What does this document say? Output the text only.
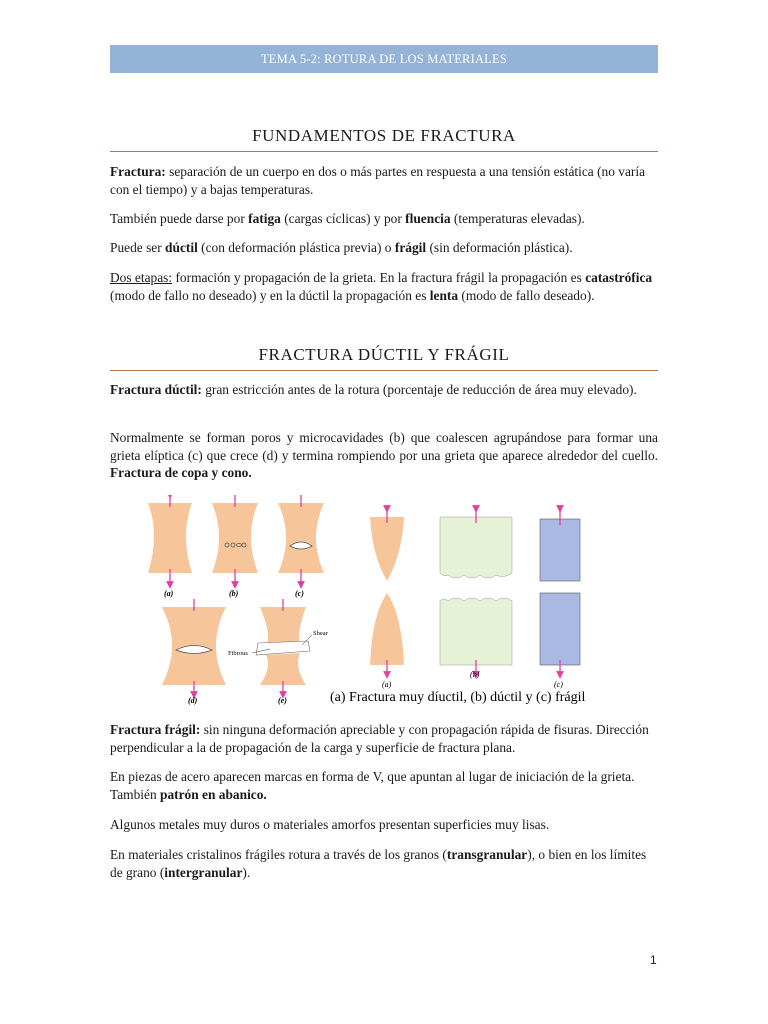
TEMA 5-2: ROTURA DE LOS MATERIALES
FUNDAMENTOS DE FRACTURA

Fractura: separación de un cuerpo en dos o más partes en respuesta a una tensión estática (no varía con el tiempo) y a bajas temperaturas.

También puede darse por fatiga (cargas cíclicas) y por fluencia (temperaturas elevadas).

Puede ser dúctil (con deformación plástica previa) o frágil (sin deformación plástica).

Dos etapas: formación y propagación de la grieta. En la fractura frágil la propagación es catastrófica (modo de fallo no deseado) y en la dúctil la propagación es lenta (modo de fallo deseado).

FRACTURA DÚCTIL Y FRÁGIL

Fractura dúctil: gran estricción antes de la rotura (porcentaje de reducción de área muy elevado).

Normalmente se forman poros y microcavidades (b) que coalescen agrupándose para formar una grieta elíptica (c) que crece (d) y termina rompiendo por una grieta que aparece alrededor del cuello. Fractura de copa y cono.

(a)	(b)	(c)
Fibrous
Shear
(d)	(e)
(a)
(b)
(c)
(a) Fractura muy díuctil, (b) dúctil y (c) frágil

Fractura frágil: sin ninguna deformación apreciable y con propagación rápida de fisuras. Dirección perpendicular a la de propagación de la carga y superficie de fractura plana.

En piezas de acero aparecen marcas en forma de V, que apuntan al lugar de iniciación de la grieta. También patrón en abanico.

Algunos metales muy duros o materiales amorfos presentan superficies muy lisas.

En materiales cristalinos frágiles rotura a través de los granos (transgranular), o bien en los límites de grano (intergranular).

1
